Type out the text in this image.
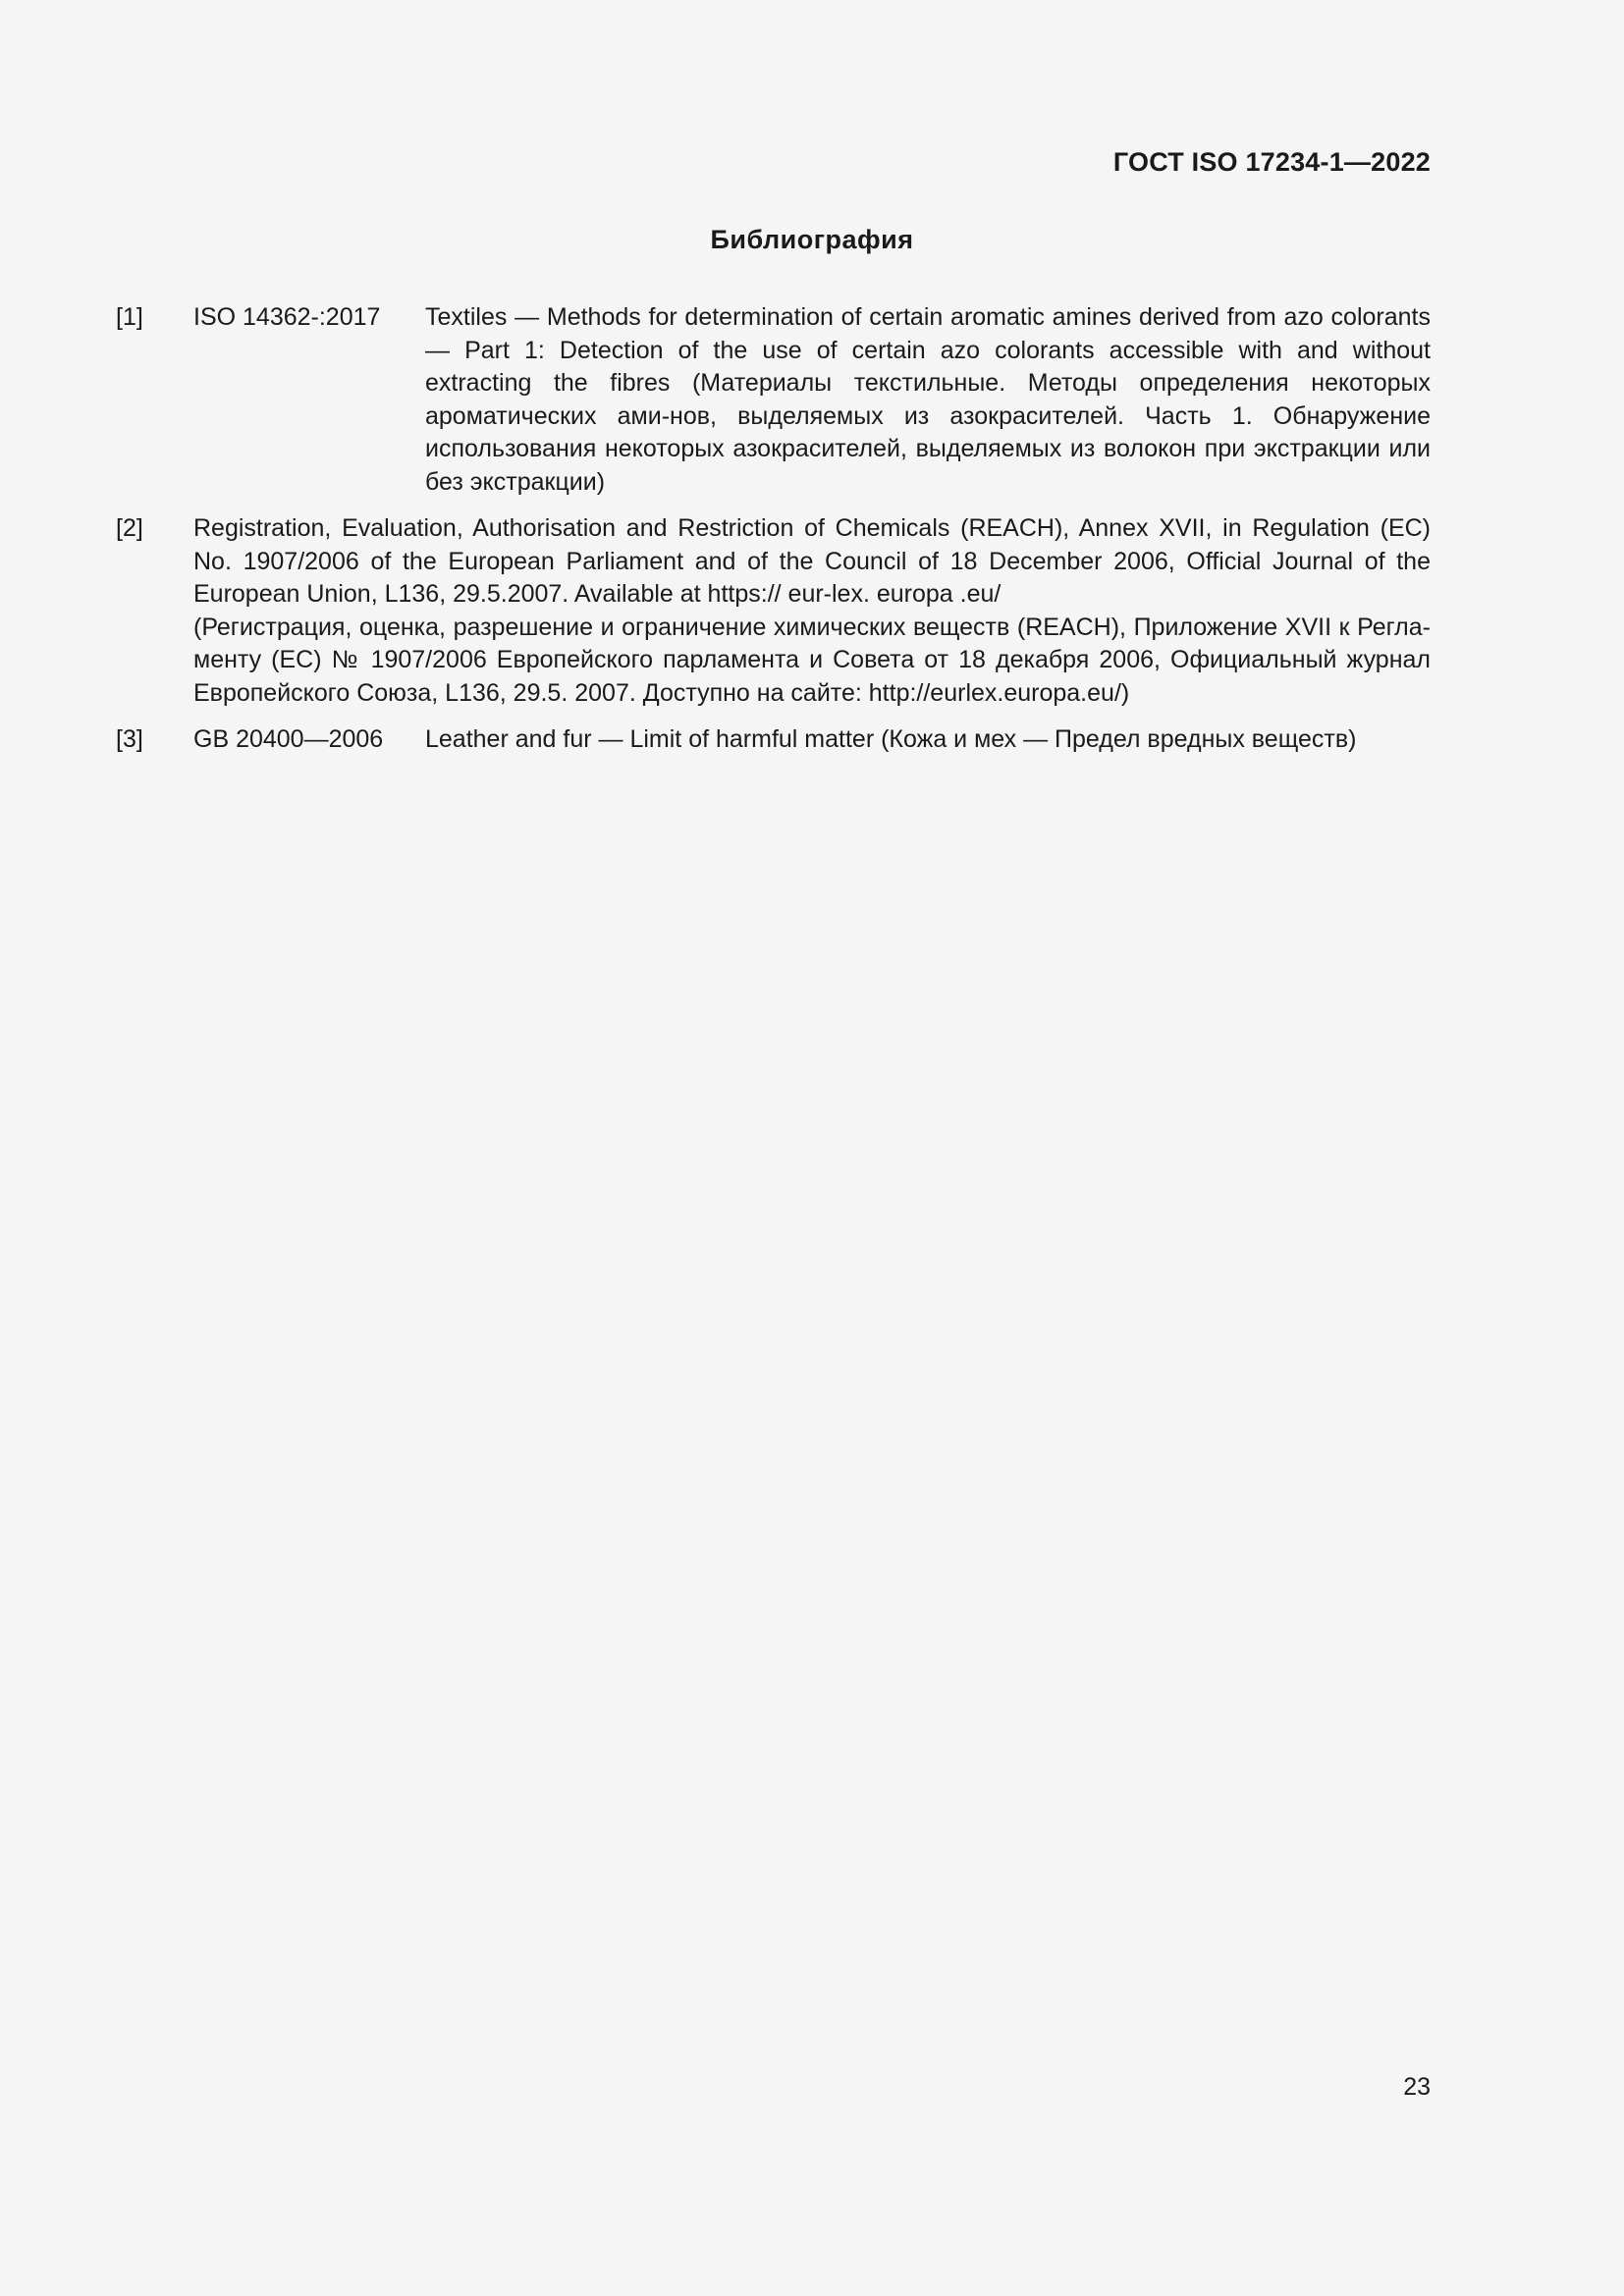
ГОСТ ISO 17234-1—2022
Библиография
[1] ISO 14362-:2017 Textiles — Methods for determination of certain aromatic amines derived from azo colorants — Part 1: Detection of the use of certain azo colorants accessible with and without extracting the fibres (Материалы текстильные. Методы определения некоторых ароматических ами-нов, выделяемых из азокрасителей. Часть 1. Обнаружение использования некоторых азокрасителей, выделяемых из волокон при экстракции или без экстракции)
[2] Registration, Evaluation, Authorisation and Restriction of Chemicals (REACH), Annex XVII, in Regulation (EC) No. 1907/2006 of the European Parliament and of the Council of 18 December 2006, Official Journal of the European Union, L136, 29.5.2007. Available at https:// eur-lex. europa .eu/

(Регистрация, оценка, разрешение и ограничение химических веществ (REACH), Приложение XVII к Регла-менту (ЕС) № 1907/2006 Европейского парламента и Совета от 18 декабря 2006, Официальный журнал Европейского Союза, L136, 29.5. 2007. Доступно на сайте: http://eurlex.europa.eu/)

[3] GB 20400—2006 Leather and fur — Limit of harmful matter (Кожа и мех — Предел вредных веществ)
23
